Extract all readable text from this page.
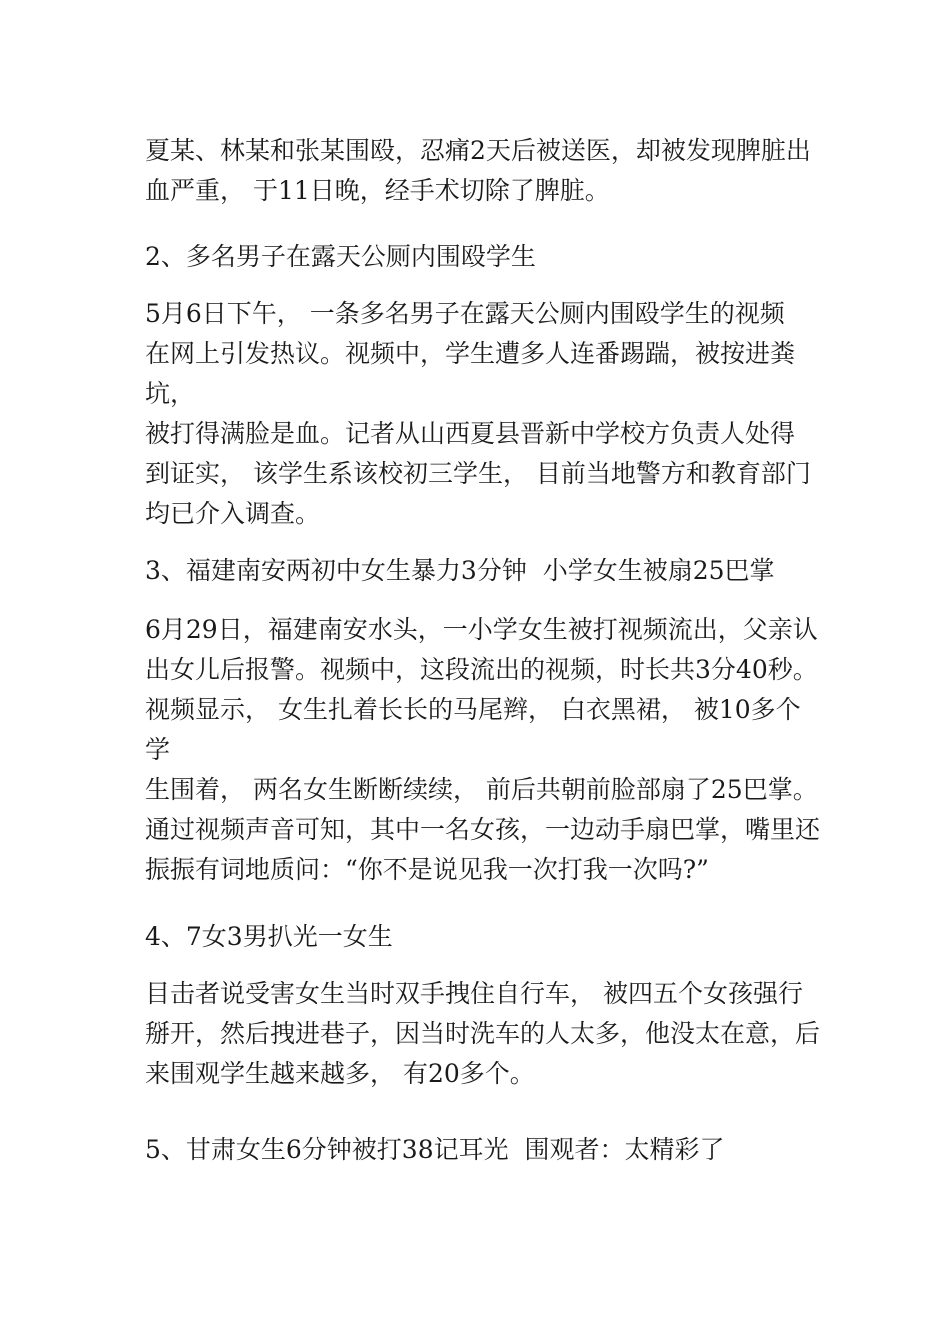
夏某、林某和张某围殴，忍痛2天后被送医，却被发现脾脏出
血严重， 于11日晚，经手术切除了脾脏。

2、多名男子在露天公厕内围殴学生

5月6日下午， 一条多名男子在露天公厕内围殴学生的视频
在网上引发热议。视频中，学生遭多人连番踢踹，被按进粪坑，
被打得满脸是血。记者从山西夏县晋新中学校方负责人处得
到证实， 该学生系该校初三学生， 目前当地警方和教育部门
均已介入调查。

3、福建南安两初中女生暴力3分钟  小学女生被扇25巴掌

6月29日，福建南安水头，一小学女生被打视频流出，父亲认
出女儿后报警。视频中，这段流出的视频，时长共3分40秒。
视频显示， 女生扎着长长的马尾辫， 白衣黑裙， 被10多个学
生围着， 两名女生断断续续， 前后共朝前脸部扇了25巴掌。
通过视频声音可知，其中一名女孩，一边动手扇巴掌，嘴里还
振振有词地质问：“你不是说见我一次打我一次吗?”

4、7女3男扒光一女生

目击者说受害女生当时双手拽住自行车， 被四五个女孩强行
掰开，然后拽进巷子，因当时洗车的人太多，他没太在意，后
来围观学生越来越多， 有20多个。

5、甘肃女生6分钟被打38记耳光  围观者：太精彩了
